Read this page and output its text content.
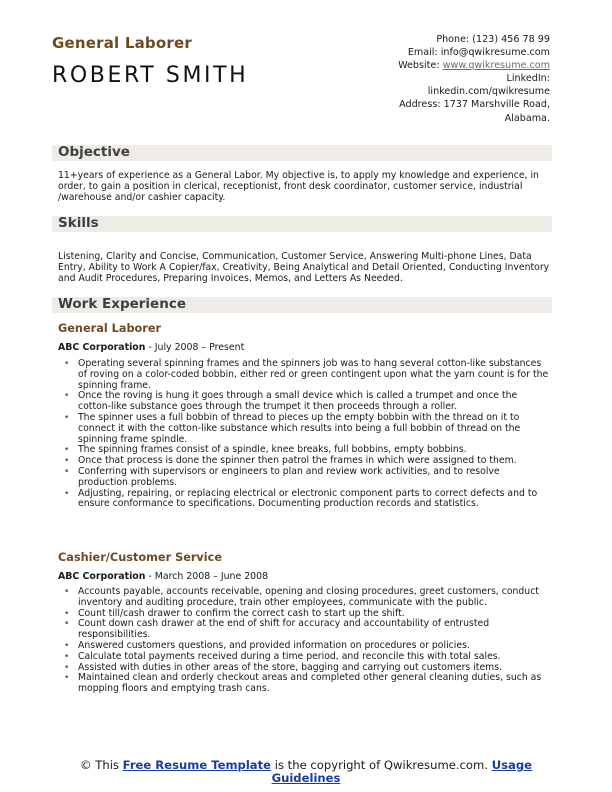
General Laborer
ROBERT SMITH
Phone: (123) 456 78 99
Email: info@qwikresume.com
Website: www.qwikresume.com
LinkedIn:
linkedin.com/qwikresume
Address: 1737 Marshville Road,
Alabama.
Objective
11+years of experience as a General Labor. My objective is, to apply my knowledge and experience, in order, to gain a position in clerical, receptionist, front desk coordinator, customer service, industrial /warehouse and/or cashier capacity.
Skills
Listening, Clarity and Concise, Communication, Customer Service, Answering Multi-phone Lines, Data Entry, Ability to Work A Copier/fax, Creativity, Being Analytical and Detail Oriented, Conducting Inventory and Audit Procedures, Preparing Invoices, Memos, and Letters As Needed.
Work Experience
General Laborer
ABC Corporation - July 2008 – Present
• Operating several spinning frames and the spinners job was to hang several cotton-like substances of roving on a color-coded bobbin, either red or green contingent upon what the yarn count is for the spinning frame.
• Once the roving is hung it goes through a small device which is called a trumpet and once the cotton-like substance goes through the trumpet it then proceeds through a roller.
• The spinner uses a full bobbin of thread to pieces up the empty bobbin with the thread on it to connect it with the cotton-like substance which results into being a full bobbin of thread on the spinning frame spindle.
• The spinning frames consist of a spindle, knee breaks, full bobbins, empty bobbins.
• Once that process is done the spinner then patrol the frames in which were assigned to them.
• Conferring with supervisors or engineers to plan and review work activities, and to resolve production problems.
• Adjusting, repairing, or replacing electrical or electronic component parts to correct defects and to ensure conformance to specifications. Documenting production records and statistics.
Cashier/Customer Service
ABC Corporation - March 2008 – June 2008
• Accounts payable, accounts receivable, opening and closing procedures, greet customers, conduct inventory and auditing procedure, train other employees, communicate with the public.
• Count till/cash drawer to confirm the correct cash to start up the shift.
• Count down cash drawer at the end of shift for accuracy and accountability of entrusted responsibilities.
• Answered customers questions, and provided information on procedures or policies.
• Calculate total payments received during a time period, and reconcile this with total sales.
• Assisted with duties in other areas of the store, bagging and carrying out customers items.
• Maintained clean and orderly checkout areas and completed other general cleaning duties, such as mopping floors and emptying trash cans.
© This Free Resume Template is the copyright of Qwikresume.com. Usage
Guidelines
